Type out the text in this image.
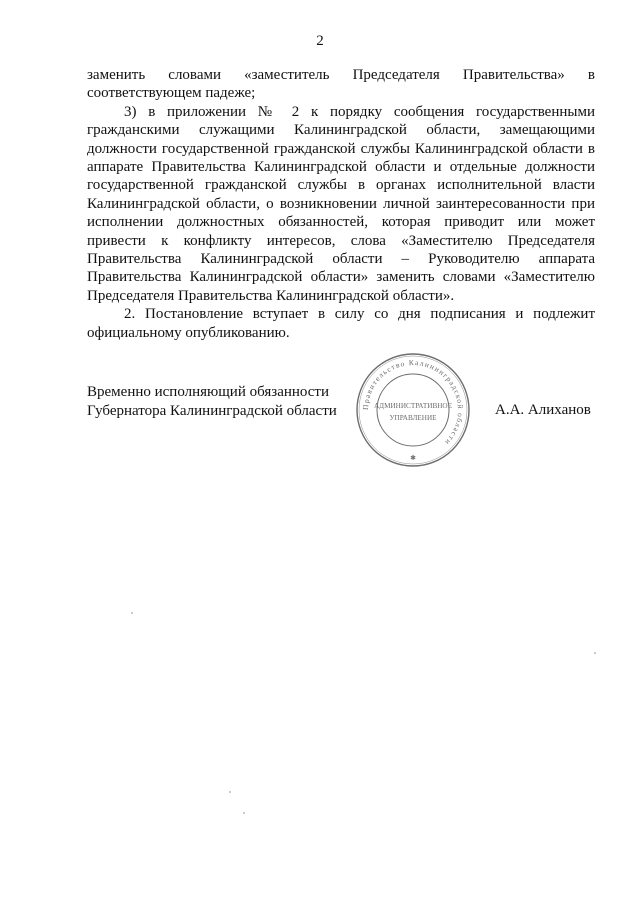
2

заменить словами «заместитель Председателя Правительства» в соответствующем падеже;

3) в приложении № 2 к порядку сообщения государственными гражданскими служащими Калининградской области, замещающими должности государственной гражданской службы Калининградской области в аппарате Правительства Калининградской области и отдельные должности государственной гражданской службы в органах исполнительной власти Калининградской области, о возникновении личной заинтересованности при исполнении должностных обязанностей, которая приводит или может привести к конфликту интересов, слова «Заместителю Председателя Правительства Калининградской области – Руководителю аппарата Правительства Калининградской области» заменить словами «Заместителю Председателя Правительства Калининградской области».

2. Постановление вступает в силу со дня подписания и подлежит официальному опубликованию.

Временно исполняющий обязанности
Губернатора Калининградской области	Правительство Калининградской области
АДМИНИСТРАТИВНОЕ
УПРАВЛЕНИЕ
✱
А.А. Алиханов
